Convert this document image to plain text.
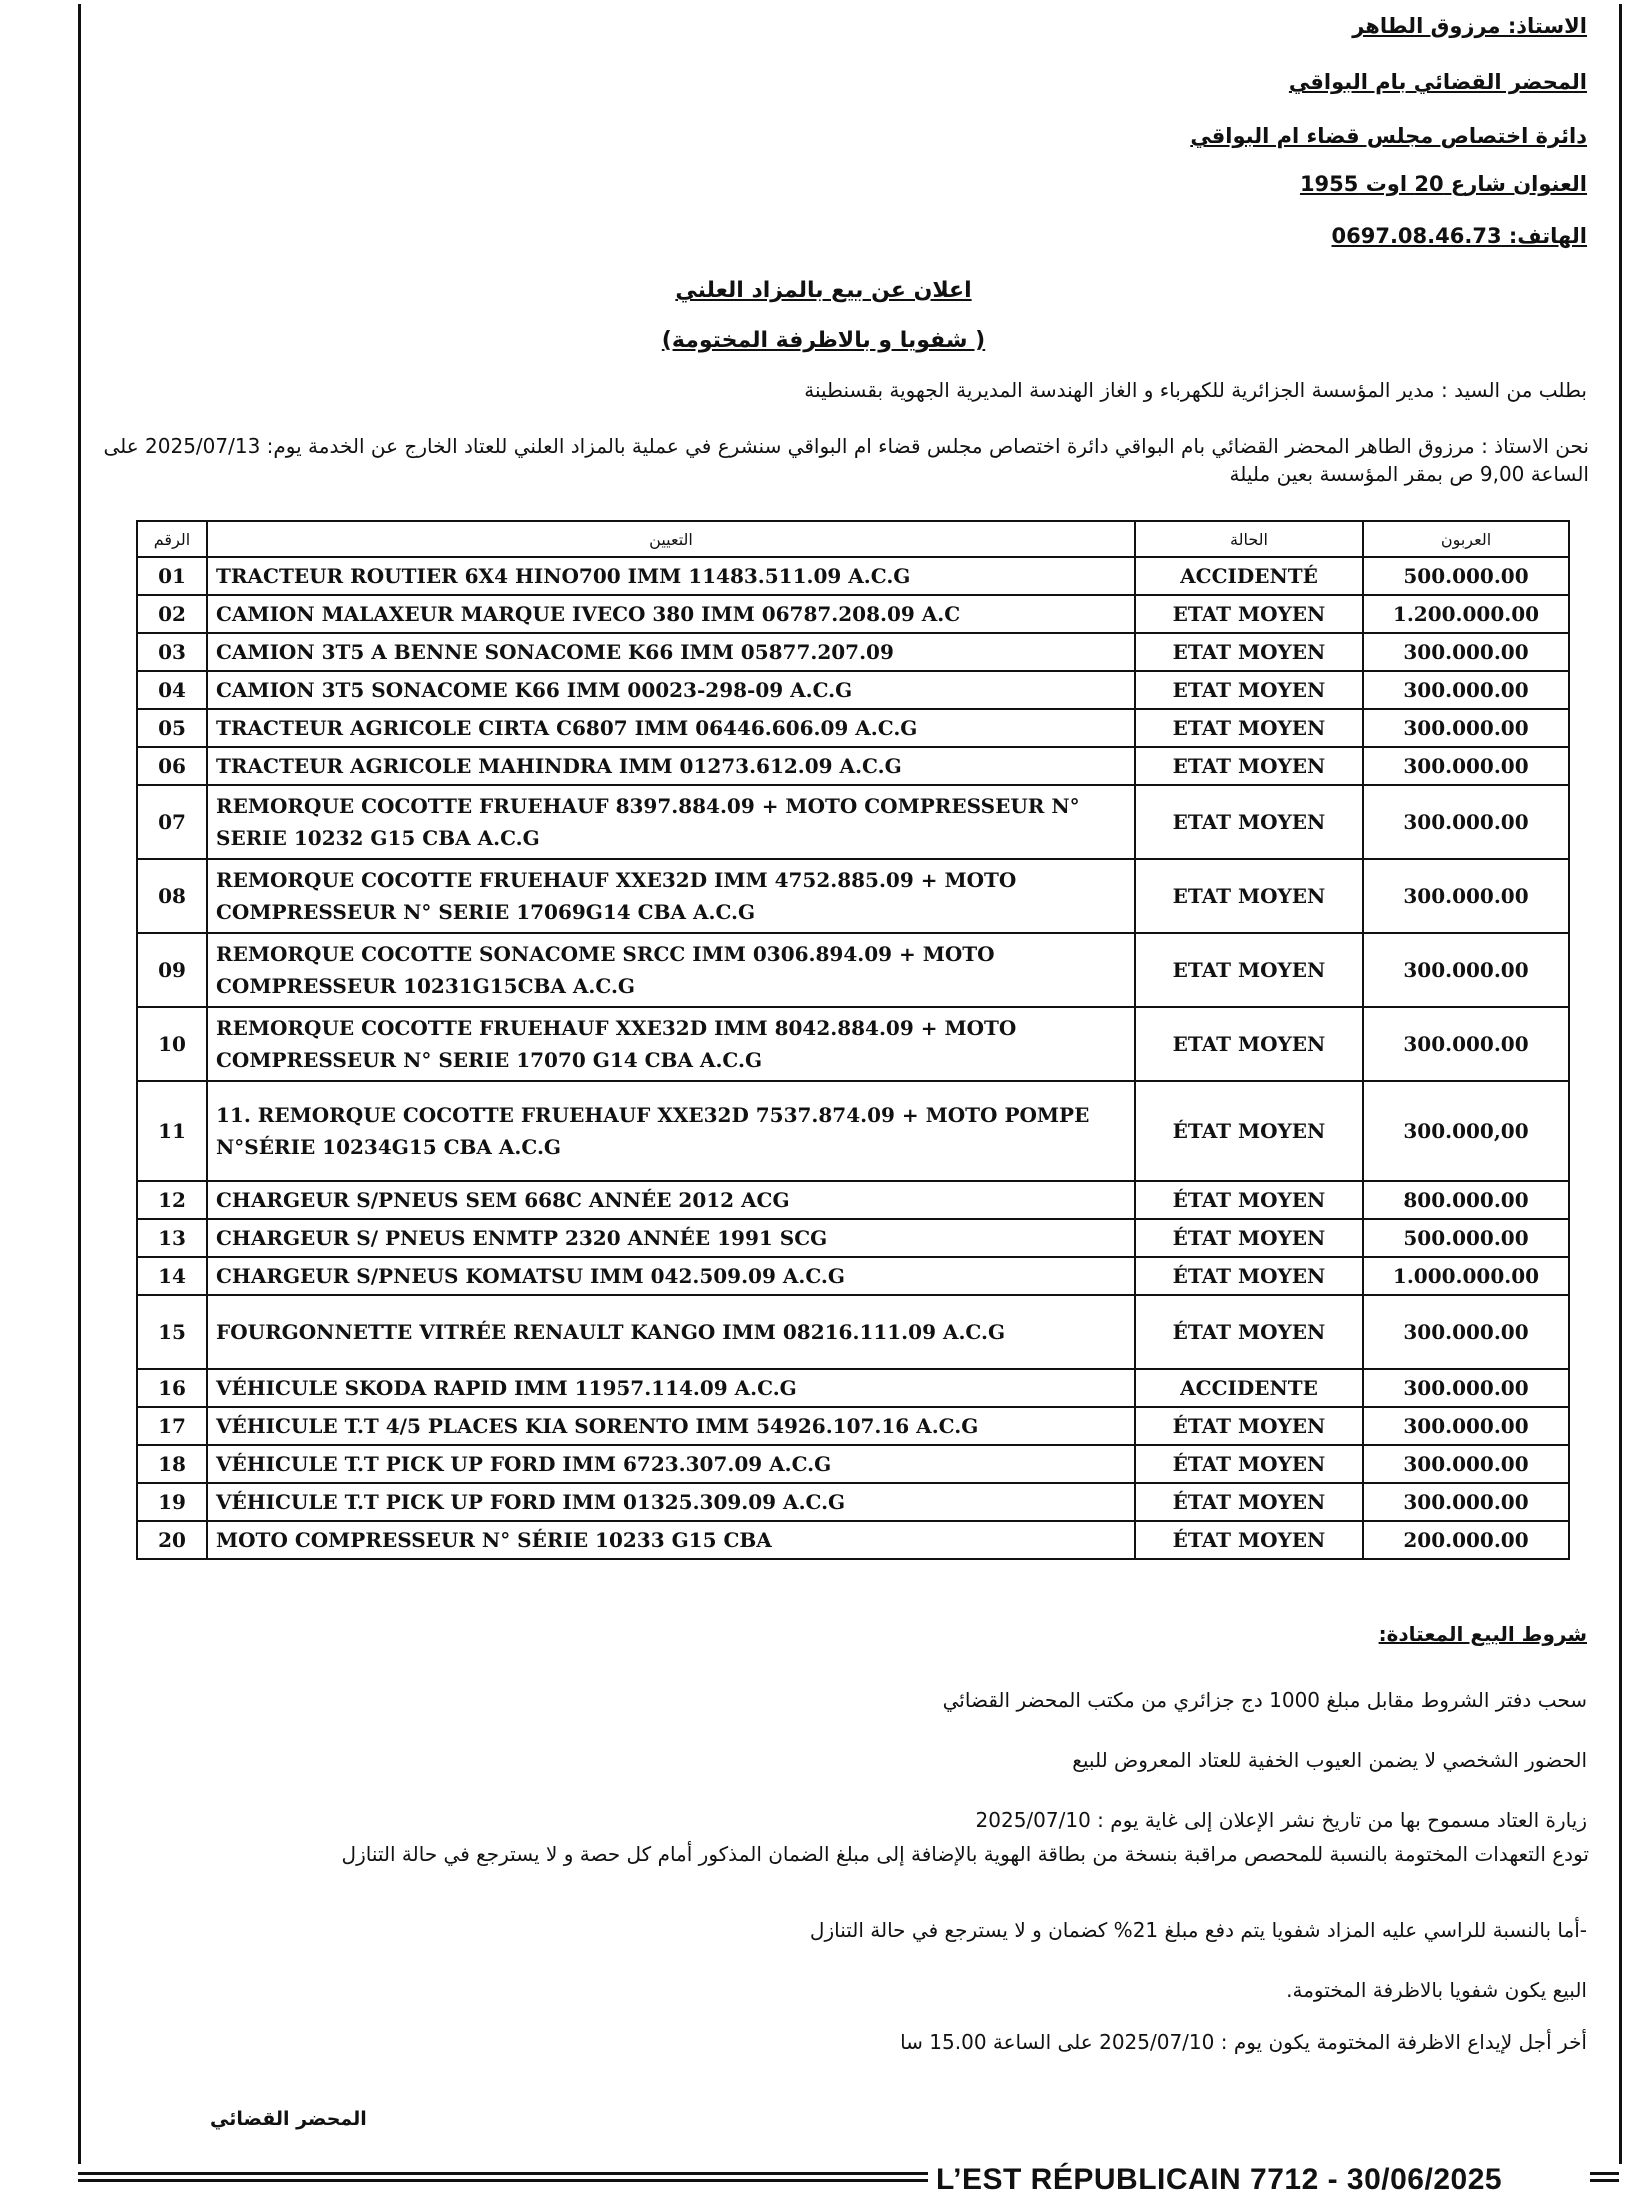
الاستاذ: مرزوق الطاهر
المحضر القضائي بام البواقي
دائرة اختصاص مجلس قضاء ام البواقي
العنوان شارع 20 اوت 1955
الهاتف: 0697.08.46.73
اعلان عن بيع بالمزاد العلني
( شفويا و بالاظرفة المختومة)
بطلب من السيد : مدير المؤسسة الجزائرية للكهرباء و الغاز الهندسة المديرية الجهوية بقسنطينة
نحن الاستاذ : مرزوق الطاهر المحضر القضائي بام البواقي دائرة اختصاص مجلس قضاء ام البواقي سنشرع في عملية بالمزاد العلني للعتاد الخارج عن الخدمة يوم: 2025/07/13 على الساعة 9,00 ص بمقر المؤسسة بعين مليلة
الرقم	التعيين	الحالة	العربون
01	TRACTEUR ROUTIER 6X4 HINO700 IMM 11483.511.09 A.C.G	ACCIDENTÉ	500.000.00
02	CAMION MALAXEUR MARQUE IVECO 380 IMM 06787.208.09 A.C	ETAT MOYEN	1.200.000.00
03	CAMION 3T5 A BENNE SONACOME K66 IMM 05877.207.09	ETAT MOYEN	300.000.00
04	CAMION 3T5 SONACOME K66 IMM 00023-298-09 A.C.G	ETAT MOYEN	300.000.00
05	TRACTEUR AGRICOLE CIRTA C6807 IMM 06446.606.09 A.C.G	ETAT MOYEN	300.000.00
06	TRACTEUR AGRICOLE MAHINDRA IMM 01273.612.09 A.C.G	ETAT MOYEN	300.000.00
07	REMORQUE COCOTTE FRUEHAUF 8397.884.09 + MOTO COMPRESSEUR N° SERIE 10232 G15 CBA A.C.G	ETAT MOYEN	300.000.00
08	REMORQUE COCOTTE FRUEHAUF XXE32D IMM 4752.885.09 + MOTO COMPRESSEUR N° SERIE 17069G14 CBA A.C.G	ETAT MOYEN	300.000.00
09	REMORQUE COCOTTE SONACOME SRCC IMM 0306.894.09 + MOTO COMPRESSEUR 10231G15CBA A.C.G	ETAT MOYEN	300.000.00
10	REMORQUE COCOTTE FRUEHAUF XXE32D IMM 8042.884.09 + MOTO COMPRESSEUR N° SERIE 17070 G14 CBA A.C.G	ETAT MOYEN	300.000.00
11	11. REMORQUE COCOTTE FRUEHAUF XXE32D 7537.874.09 + MOTO POMPE N°SÉRIE 10234G15 CBA A.C.G	ÉTAT MOYEN	300.000,00
12	CHARGEUR S/PNEUS SEM 668C ANNÉE 2012 ACG	ÉTAT MOYEN	800.000.00
13	CHARGEUR S/ PNEUS ENMTP 2320 ANNÉE 1991 SCG	ÉTAT MOYEN	500.000.00
14	CHARGEUR S/PNEUS KOMATSU IMM 042.509.09 A.C.G	ÉTAT MOYEN	1.000.000.00
15	FOURGONNETTE VITRÉE RENAULT KANGO IMM 08216.111.09 A.C.G	ÉTAT MOYEN	300.000.00
16	VÉHICULE SKODA RAPID IMM 11957.114.09 A.C.G	ACCIDENTE	300.000.00
17	VÉHICULE T.T 4/5 PLACES KIA SORENTO IMM 54926.107.16 A.C.G	ÉTAT MOYEN	300.000.00
18	VÉHICULE T.T PICK UP FORD IMM 6723.307.09 A.C.G	ÉTAT MOYEN	300.000.00
19	VÉHICULE T.T PICK UP FORD IMM 01325.309.09 A.C.G	ÉTAT MOYEN	300.000.00
20	MOTO COMPRESSEUR N° SÉRIE 10233 G15 CBA	ÉTAT MOYEN	200.000.00
شروط البيع المعتادة:
سحب دفتر الشروط مقابل مبلغ 1000 دج جزائري من مكتب المحضر القضائي
الحضور الشخصي لا يضمن العيوب الخفية للعتاد المعروض للبيع
زيارة العتاد مسموح بها من تاريخ نشر الإعلان إلى غاية يوم : 2025/07/10
تودع التعهدات المختومة بالنسبة للمحصص مراقبة بنسخة من بطاقة الهوية بالإضافة إلى مبلغ الضمان المذكور أمام كل حصة و لا يسترجع في حالة التنازل
-أما بالنسبة للراسي عليه المزاد شفويا يتم دفع مبلغ 21% كضمان و لا يسترجع في حالة التنازل
البيع يكون شفويا بالاظرفة المختومة.
أخر أجل لإيداع الاظرفة المختومة يكون يوم : 2025/07/10 على الساعة 15.00 سا
المحضر القضائي
L’EST RÉPUBLICAIN 7712 - 30/06/2025
